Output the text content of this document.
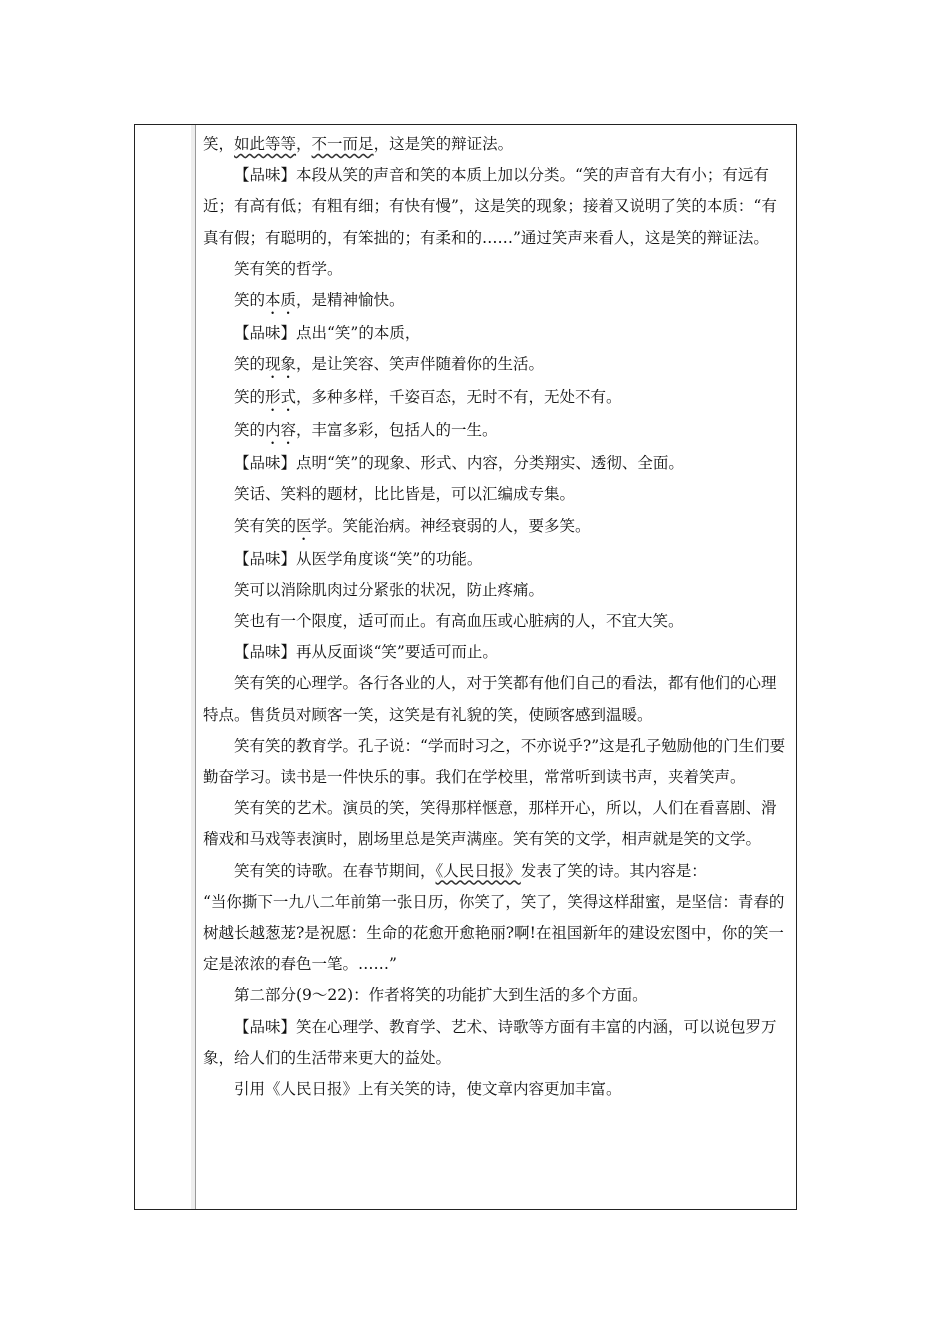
笑，如此等等，不一而足，这是笑的辩证法。

【品味】本段从笑的声音和笑的本质上加以分类。“笑的声音有大有小；有远有近；有高有低；有粗有细；有快有慢”，这是笑的现象；接着又说明了笑的本质：“有真有假；有聪明的，有笨拙的；有柔和的……”通过笑声来看人，这是笑的辩证法。

笑有笑的哲学。

笑的本质，是精神愉快。

【品味】点出“笑”的本质，

笑的现象，是让笑容、笑声伴随着你的生活。

笑的形式，多种多样，千姿百态，无时不有，无处不有。

笑的内容，丰富多彩，包括人的一生。

【品味】点明“笑”的现象、形式、内容，分类翔实、透彻、全面。

笑话、笑料的题材，比比皆是，可以汇编成专集。

笑有笑的医学。笑能治病。神经衰弱的人，要多笑。

【品味】从医学角度谈“笑”的功能。

笑可以消除肌肉过分紧张的状况，防止疼痛。

笑也有一个限度，适可而止。有高血压或心脏病的人，不宜大笑。

【品味】再从反面谈“笑”要适可而止。

笑有笑的心理学。各行各业的人，对于笑都有他们自己的看法，都有他们的心理特点。售货员对顾客一笑，这笑是有礼貌的笑，使顾客感到温暖。

笑有笑的教育学。孔子说：“学而时习之，不亦说乎?”这是孔子勉励他的门生们要勤奋学习。读书是一件快乐的事。我们在学校里，常常听到读书声，夹着笑声。

笑有笑的艺术。演员的笑，笑得那样惬意，那样开心，所以，人们在看喜剧、滑稽戏和马戏等表演时，剧场里总是笑声满座。笑有笑的文学，相声就是笑的文学。

笑有笑的诗歌。在春节期间，《人民日报》发表了笑的诗。其内容是：

“当你撕下一九八二年前第一张日历，你笑了，笑了，笑得这样甜蜜，是坚信：青春的树越长越葱茏?是祝愿：生命的花愈开愈艳丽?啊!在祖国新年的建设宏图中，你的笑一定是浓浓的春色一笔。……”

第二部分(9～22)：作者将笑的功能扩大到生活的多个方面。

【品味】笑在心理学、教育学、艺术、诗歌等方面有丰富的内涵，可以说包罗万象，给人们的生活带来更大的益处。

引用《人民日报》上有关笑的诗，使文章内容更加丰富。
